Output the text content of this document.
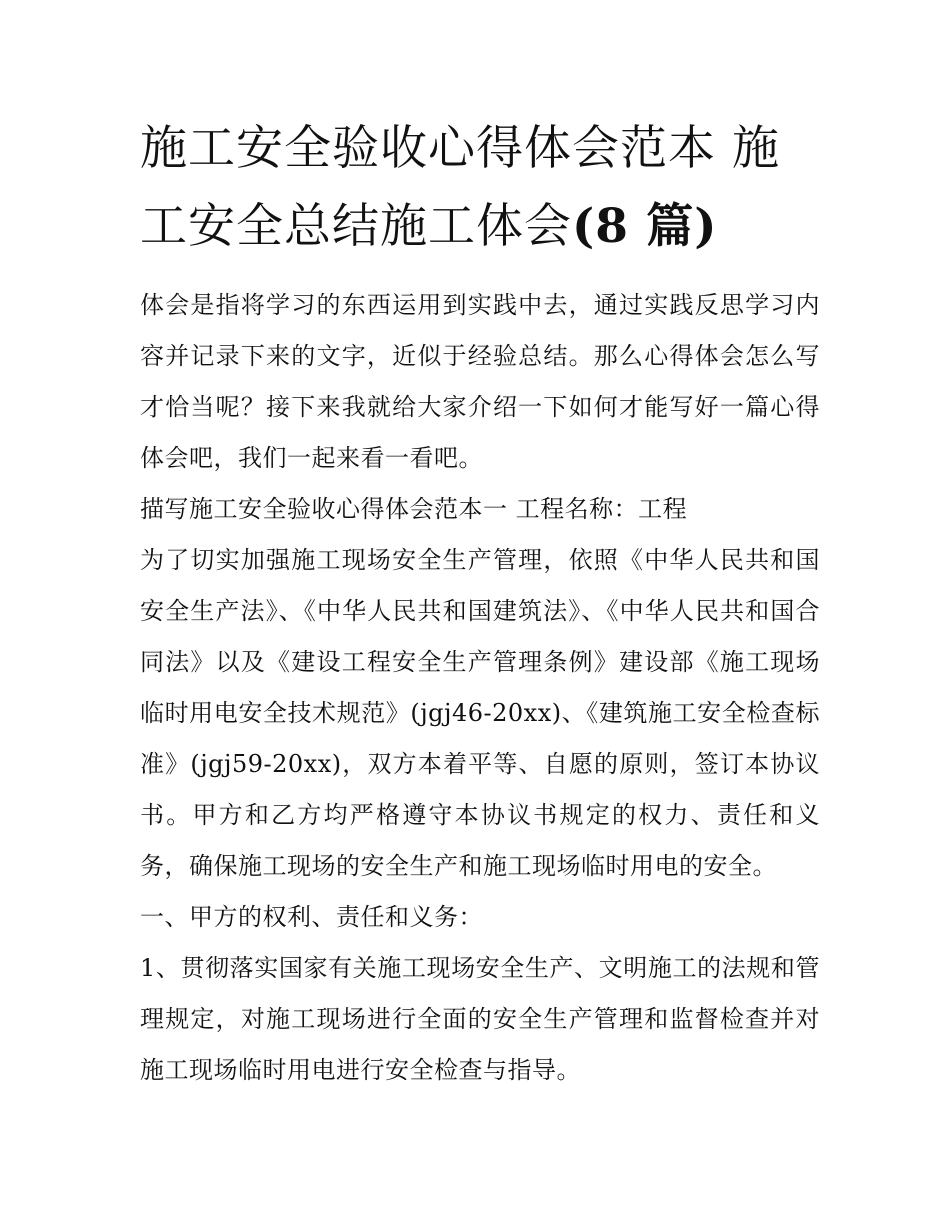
施工安全验收心得体会范本 施工安全总结施工体会(8 篇)

体会是指将学习的东西运用到实践中去，通过实践反思学习内容并记录下来的文字，近似于经验总结。那么心得体会怎么写才恰当呢？接下来我就给大家介绍一下如何才能写好一篇心得体会吧，我们一起来看一看吧。

描写施工安全验收心得体会范本一 工程名称：工程

为了切实加强施工现场安全生产管理，依照《中华人民共和国安全生产法》、《中华人民共和国建筑法》、《中华人民共和国合同法》以及《建设工程安全生产管理条例》建设部《施工现场临时用电安全技术规范》(jgj46-20xx)、《建筑施工安全检查标准》(jgj59-20xx)，双方本着平等、自愿的原则，签订本协议书。甲方和乙方均严格遵守本协议书规定的权力、责任和义务，确保施工现场的安全生产和施工现场临时用电的安全。

一、甲方的权利、责任和义务：

1、贯彻落实国家有关施工现场安全生产、文明施工的法规和管理规定，对施工现场进行全面的安全生产管理和监督检查并对施工现场临时用电进行安全检查与指导。
